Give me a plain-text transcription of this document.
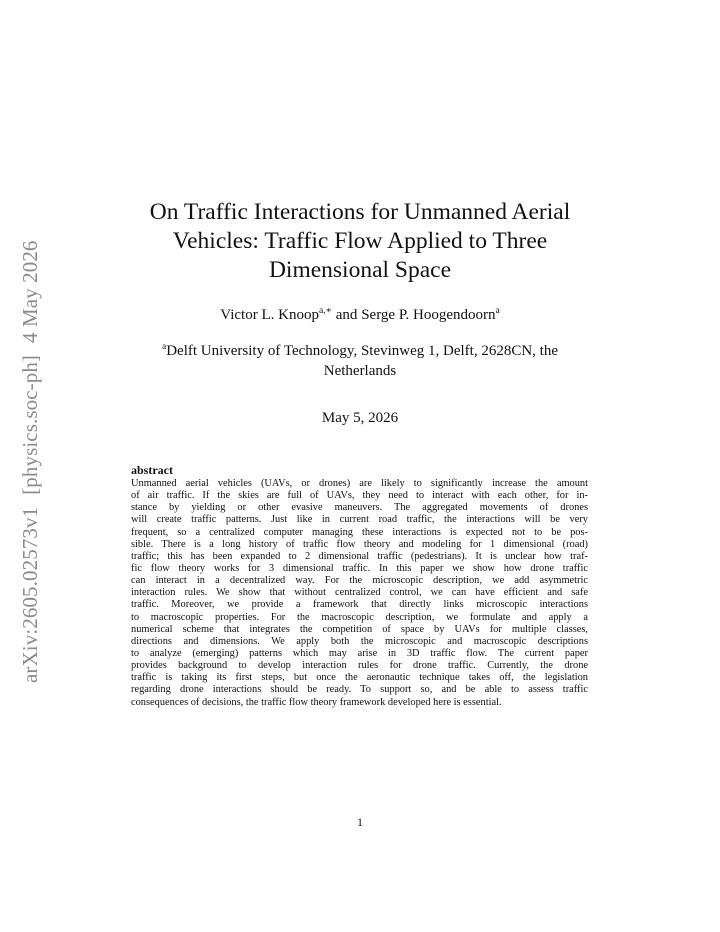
arXiv:2605.02573v1[physics.soc-ph]4 May 2026
On Traffic Interactions for Unmanned Aerial
Vehicles: Traffic Flow Applied to Three
Dimensional Space
Victor L. Knoop$^{a,∗}$ and Serge P. Hoogendoorn$^a$
$^a$Delft University of Technology, Stevinweg 1, Delft, 2628CN, the
Netherlands
May 5, 2026
abstract
Unmanned aerial vehicles (UAVs, or drones) are likely to significantly increase the amount
of air traffic. If the skies are full of UAVs, they need to interact with each other, for in-
stance by yielding or other evasive maneuvers. The aggregated movements of drones
will create traffic patterns. Just like in current road traffic, the interactions will be very
frequent, so a centralized computer managing these interactions is expected not to be pos-
sible. There is a long history of traffic flow theory and modeling for 1 dimensional (road)
traffic; this has been expanded to 2 dimensional traffic (pedestrians). It is unclear how traf-
fic flow theory works for 3 dimensional traffic. In this paper we show how drone traffic
can interact in a decentralized way. For the microscopic description, we add asymmetric
interaction rules. We show that without centralized control, we can have efficient and safe
traffic. Moreover, we provide a framework that directly links microscopic interactions
to macroscopic properties. For the macroscopic description, we formulate and apply a
numerical scheme that integrates the competition of space by UAVs for multiple classes,
directions and dimensions. We apply both the microscopic and macroscopic descriptions
to analyze (emerging) patterns which may arise in 3D traffic flow. The current paper
provides background to develop interaction rules for drone traffic. Currently, the drone
traffic is taking its first steps, but once the aeronautic technique takes off, the legislation
regarding drone interactions should be ready. To support so, and be able to assess traffic
consequences of decisions, the traffic flow theory framework developed here is essential.
1
